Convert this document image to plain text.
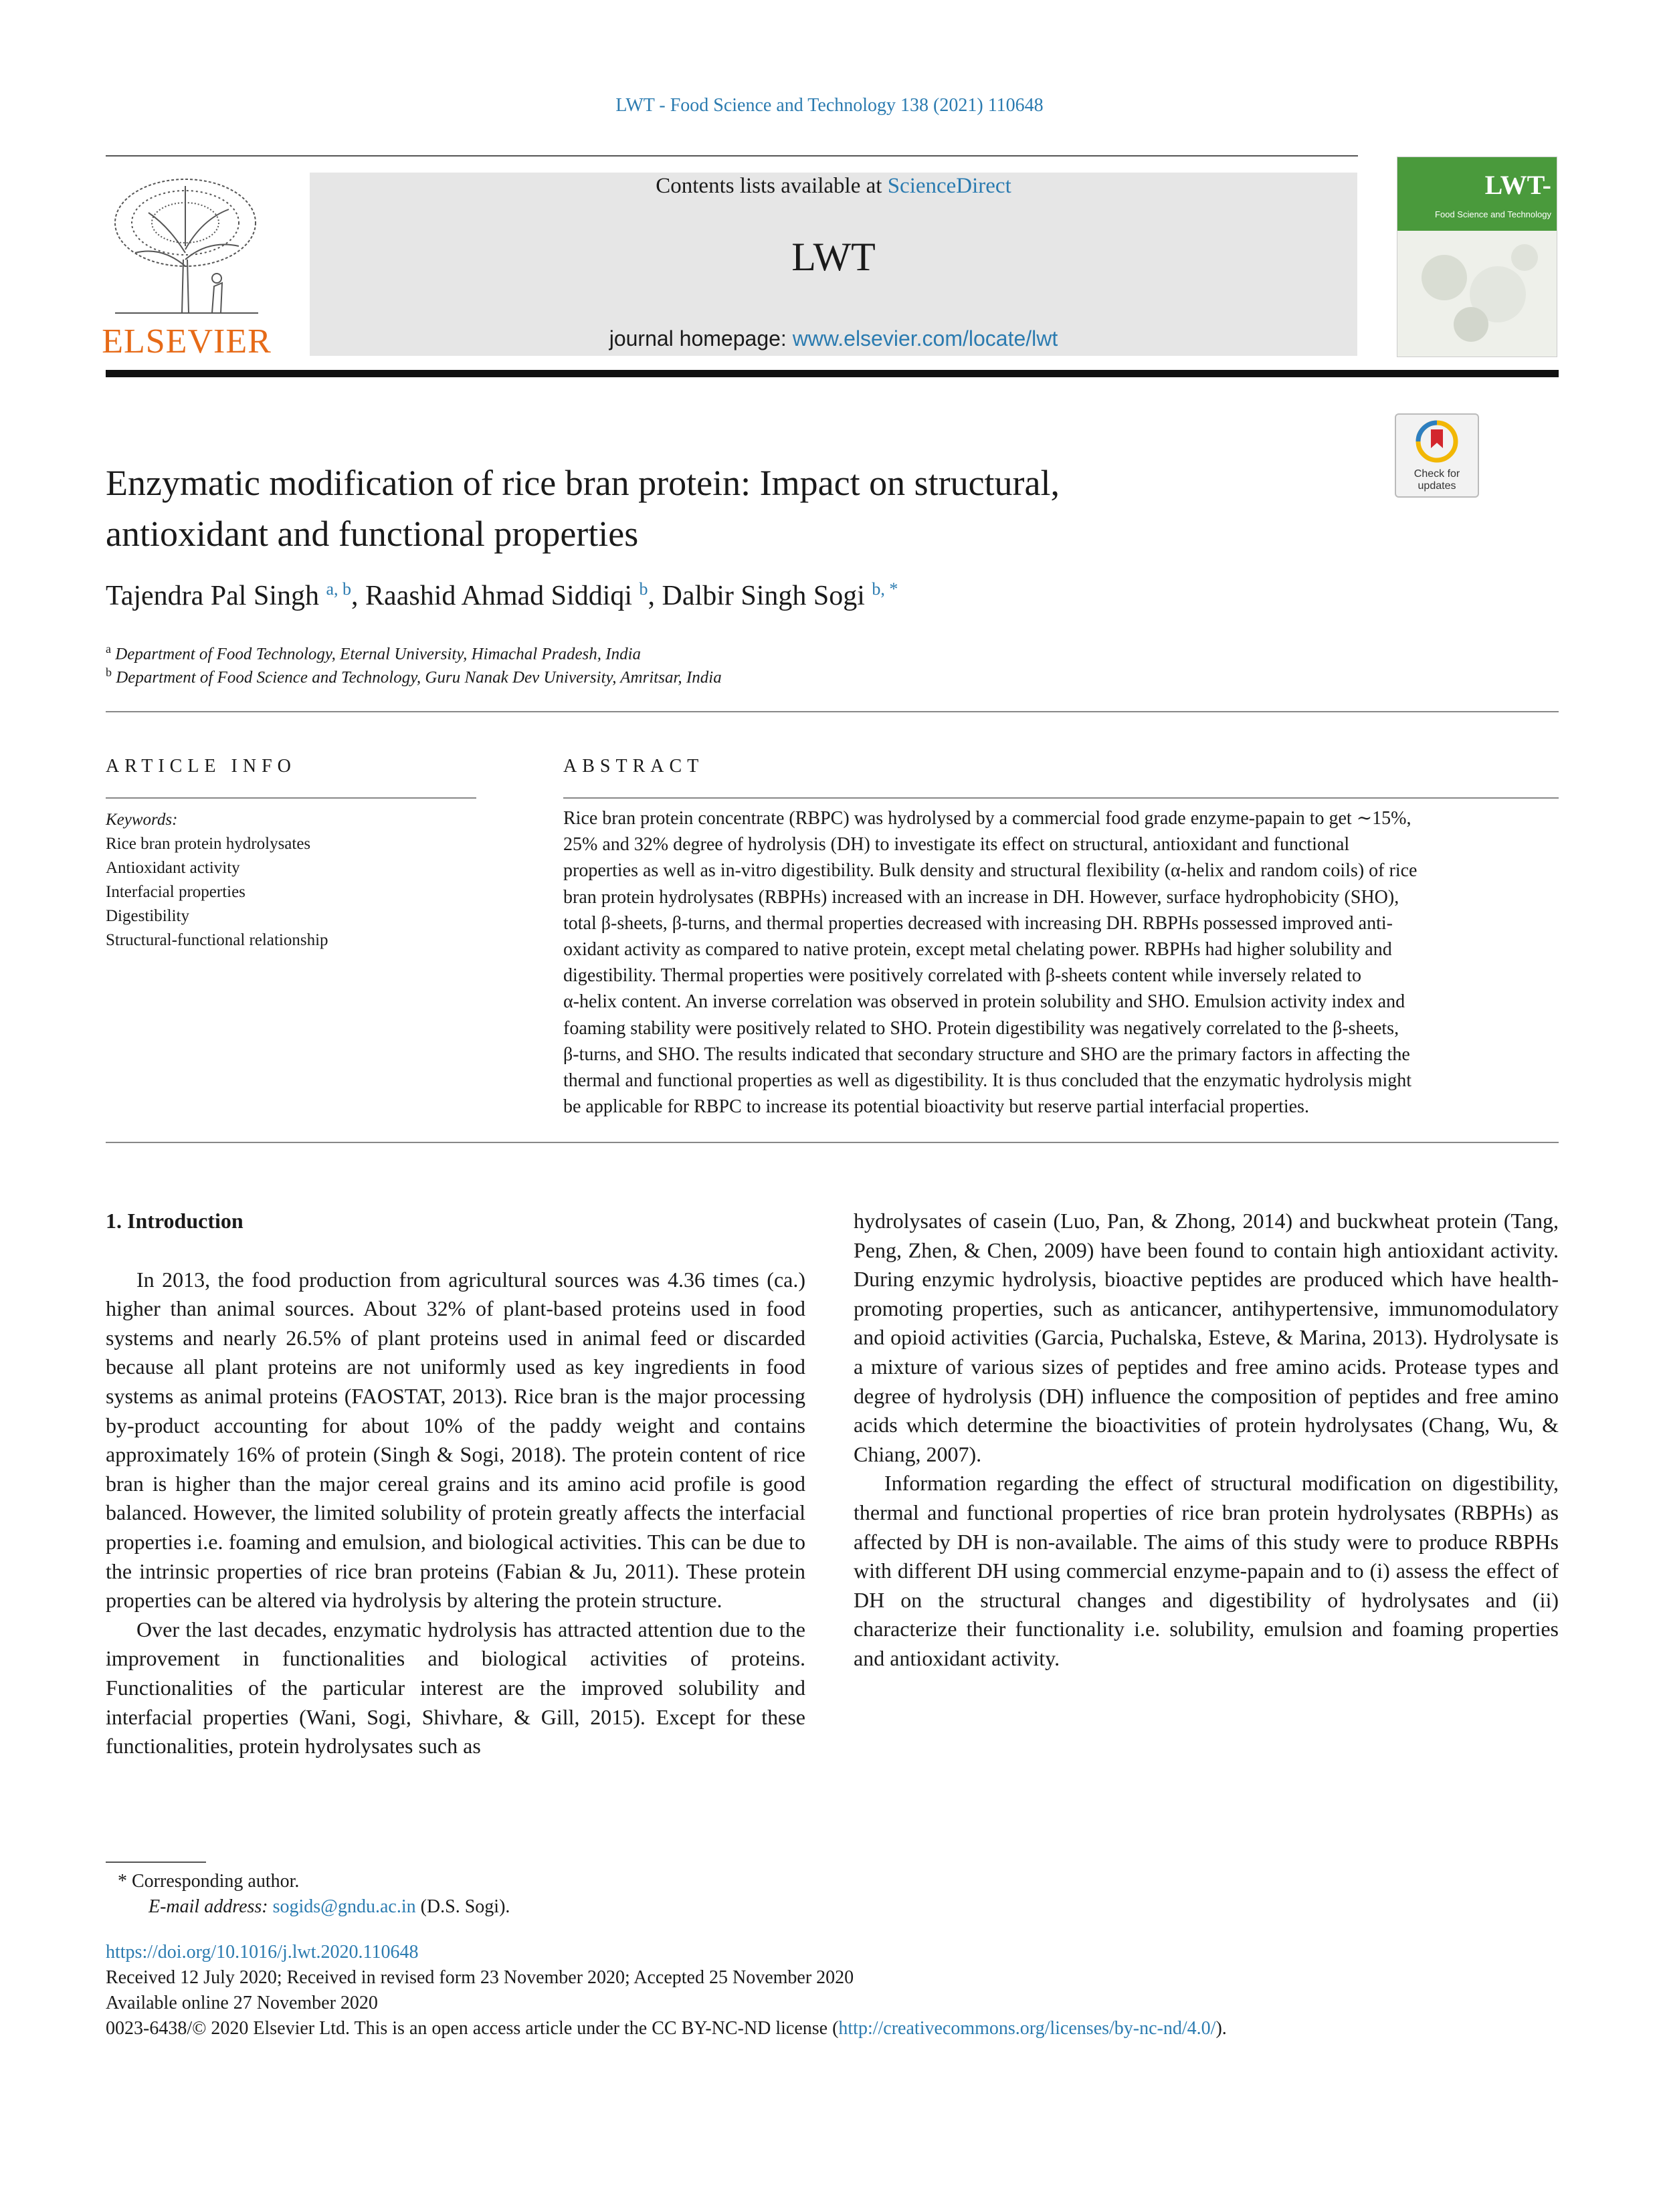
LWT - Food Science and Technology 138 (2021) 110648
ELSEVIER
Contents lists available at ScienceDirect
LWT
journal homepage: www.elsevier.com/locate/lwt
LWT-
Food Science and Technology
Check for
updates
Enzymatic modification of rice bran protein: Impact on structural,
antioxidant and functional properties
Tajendra Pal Singh $^{a, b}$, Raashid Ahmad Siddiqi $^b$, Dalbir Singh Sogi $^{b, *}$
$^a$ Department of Food Technology, Eternal University, Himachal Pradesh, India
$^b$ Department of Food Science and Technology, Guru Nanak Dev University, Amritsar, India
ARTICLE INFO	ABSTRACT
Keywords:
Rice bran protein hydrolysates
Antioxidant activity
Interfacial properties
Digestibility
Structural-functional relationship
Rice bran protein concentrate (RBPC) was hydrolysed by a commercial food grade enzyme-papain to get ∼15%,
25% and 32% degree of hydrolysis (DH) to investigate its effect on structural, antioxidant and functional
properties as well as in-vitro digestibility. Bulk density and structural flexibility (α-helix and random coils) of rice
bran protein hydrolysates (RBPHs) increased with an increase in DH. However, surface hydrophobicity (SHO),
total β-sheets, β-turns, and thermal properties decreased with increasing DH. RBPHs possessed improved anti-
oxidant activity as compared to native protein, except metal chelating power. RBPHs had higher solubility and
digestibility. Thermal properties were positively correlated with β-sheets content while inversely related to
α-helix content. An inverse correlation was observed in protein solubility and SHO. Emulsion activity index and
foaming stability were positively related to SHO. Protein digestibility was negatively correlated to the β-sheets,
β-turns, and SHO. The results indicated that secondary structure and SHO are the primary factors in affecting the
thermal and functional properties as well as digestibility. It is thus concluded that the enzymatic hydrolysis might
be applicable for RBPC to increase its potential bioactivity but reserve partial interfacial properties.
1. Introduction

In 2013, the food production from agricultural sources was 4.36 times (ca.) higher than animal sources. About 32% of plant-based proteins used in food systems and nearly 26.5% of plant proteins used in animal feed or discarded because all plant proteins are not uniformly used as key ingredients in food systems as animal proteins (FAOSTAT, 2013). Rice bran is the major processing by-product accounting for about 10% of the paddy weight and contains approximately 16% of protein (Singh & Sogi, 2018). The protein content of rice bran is higher than the major cereal grains and its amino acid profile is good balanced. However, the limited solubility of protein greatly affects the interfacial properties i.e. foaming and emulsion, and biological activities. This can be due to the intrinsic properties of rice bran proteins (Fabian & Ju, 2011). These protein properties can be altered via hydrolysis by altering the protein structure.

Over the last decades, enzymatic hydrolysis has attracted attention due to the improvement in functionalities and biological activities of proteins. Functionalities of the particular interest are the improved solubility and interfacial properties (Wani, Sogi, Shivhare, & Gill, 2015). Except for these functionalities, protein hydrolysates such as

hydrolysates of casein (Luo, Pan, & Zhong, 2014) and buckwheat protein (Tang, Peng, Zhen, & Chen, 2009) have been found to contain high antioxidant activity. During enzymic hydrolysis, bioactive peptides are produced which have health-promoting properties, such as anticancer, antihypertensive, immunomodulatory and opioid activities (Garcia, Puchalska, Esteve, & Marina, 2013). Hydrolysate is a mixture of various sizes of peptides and free amino acids. Protease types and degree of hydrolysis (DH) influence the composition of peptides and free amino acids which determine the bioactivities of protein hydrolysates (Chang, Wu, & Chiang, 2007).

Information regarding the effect of structural modification on digestibility, thermal and functional properties of rice bran protein hydrolysates (RBPHs) as affected by DH is non-available. The aims of this study were to produce RBPHs with different DH using commercial enzyme-papain and to (i) assess the effect of DH on the structural changes and digestibility of hydrolysates and (ii) characterize their functionality i.e. solubility, emulsion and foaming properties and antioxidant activity.

* Corresponding author.
E-mail address: sogids@gndu.ac.in (D.S. Sogi).
https://doi.org/10.1016/j.lwt.2020.110648
Received 12 July 2020; Received in revised form 23 November 2020; Accepted 25 November 2020
Available online 27 November 2020
0023-6438/© 2020 Elsevier Ltd. This is an open access article under the CC BY-NC-ND license (http://creativecommons.org/licenses/by-nc-nd/4.0/).
